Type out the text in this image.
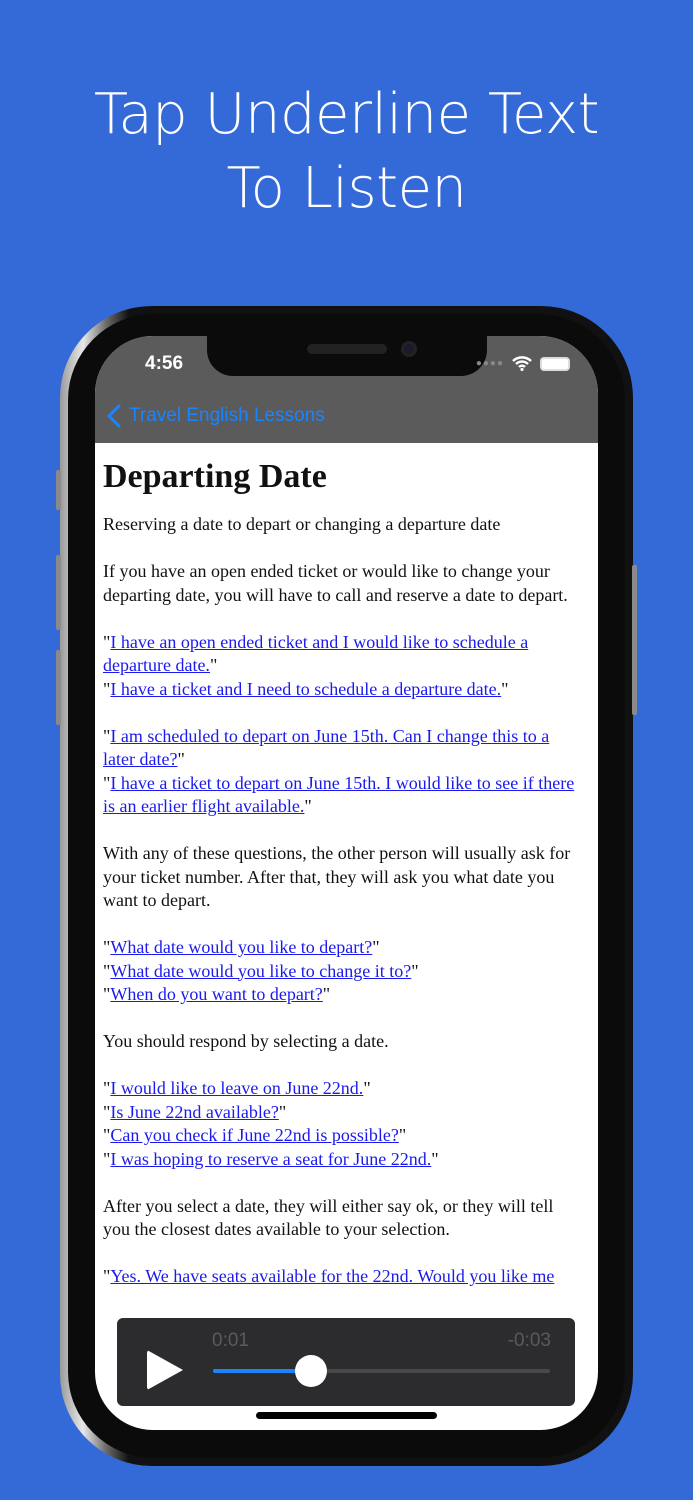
Tap Underline Text
To Listen
Departing Date

Reserving a date to depart or changing a departure date

If you have an open ended ticket or would like to change your departing date, you will have to call and reserve a date to depart.

"I have an open ended ticket and I would like to schedule a departure date."
"I have a ticket and I need to schedule a departure date."

"I am scheduled to depart on June 15th. Can I change this to a later date?"
"I have a ticket to depart on June 15th. I would like to see if there is an earlier flight available."

With any of these questions, the other person will usually ask for your ticket number. After that, they will ask you what date you want to depart.

"What date would you like to depart?"
"What date would you like to change it to?"
"When do you want to depart?"

You should respond by selecting a date.

"I would like to leave on June 22nd."
"Is June 22nd available?"
"Can you check if June 22nd is possible?"
"I was hoping to reserve a seat for June 22nd."

After you select a date, they will either say ok, or they will tell you the closest dates available to your selection.

"Yes. We have seats available for the 22nd. Would you like me

4:56	●●●●
Travel English Lessons
0:01	-0:03
